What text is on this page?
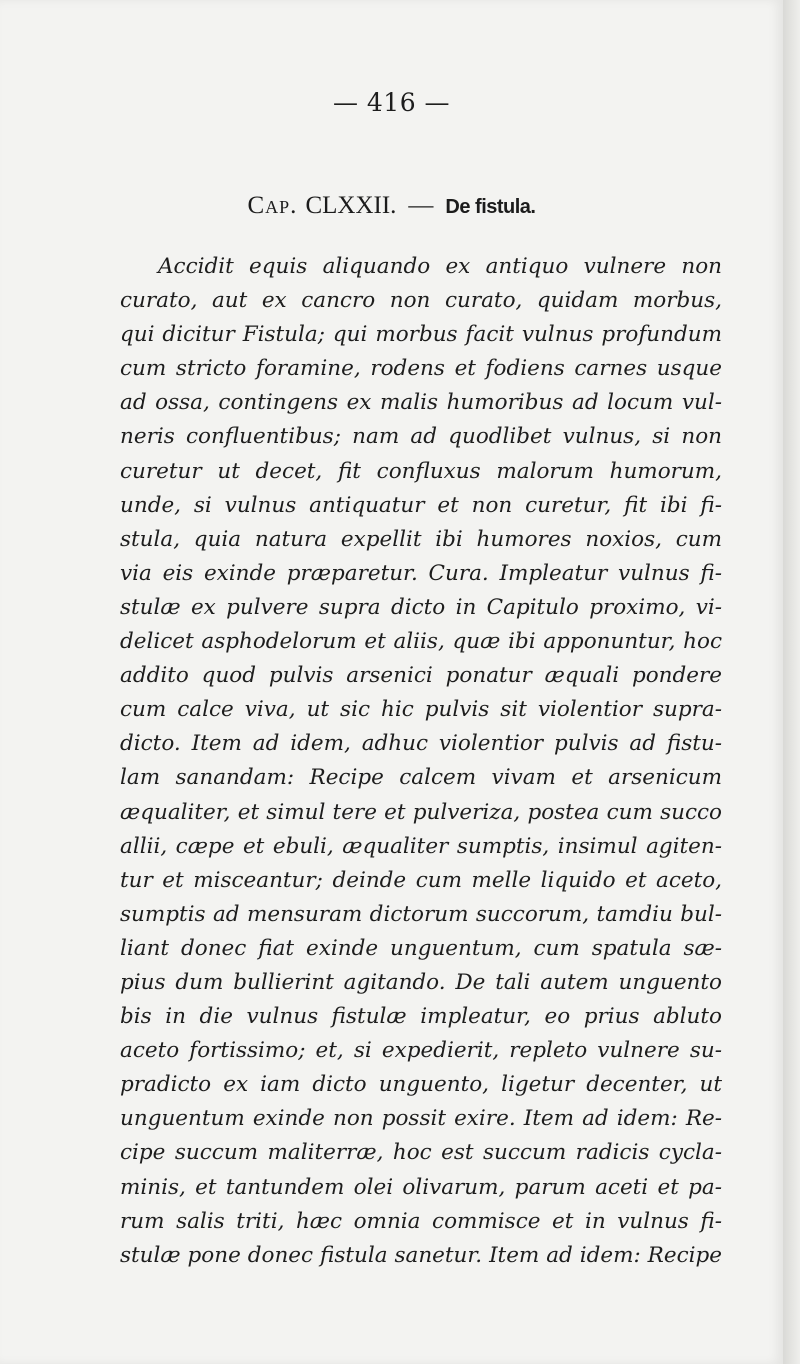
— 416 —
Cap. CLXXII. — De fistula.
Accidit equis aliquando ex antiquo vulnere non
curato, aut ex cancro non curato, quidam morbus,
qui dicitur Fistula; qui morbus facit vulnus profundum
cum stricto foramine, rodens et fodiens carnes usque
ad ossa, contingens ex malis humoribus ad locum vul-
neris confluentibus; nam ad quodlibet vulnus, si non
curetur ut decet, fit confluxus malorum humorum,
unde, si vulnus antiquatur et non curetur, fit ibi fi-
stula, quia natura expellit ibi humores noxios, cum
via eis exinde præparetur. Cura. Impleatur vulnus fi-
stulæ ex pulvere supra dicto in Capitulo proximo, vi-
delicet asphodelorum et aliis, quæ ibi apponuntur, hoc
addito quod pulvis arsenici ponatur æquali pondere
cum calce viva, ut sic hic pulvis sit violentior supra-
dicto. Item ad idem, adhuc violentior pulvis ad fistu-
lam sanandam: Recipe calcem vivam et arsenicum
æqualiter, et simul tere et pulveriza, postea cum succo
allii, cæpe et ebuli, æqualiter sumptis, insimul agiten-
tur et misceantur; deinde cum melle liquido et aceto,
sumptis ad mensuram dictorum succorum, tamdiu bul-
liant donec fiat exinde unguentum, cum spatula sæ-
pius dum bullierint agitando. De tali autem unguento
bis in die vulnus fistulæ impleatur, eo prius abluto
aceto fortissimo; et, si expedierit, repleto vulnere su-
pradicto ex iam dicto unguento, ligetur decenter, ut
unguentum exinde non possit exire. Item ad idem: Re-
cipe succum maliterræ, hoc est succum radicis cycla-
minis, et tantundem olei olivarum, parum aceti et pa-
rum salis triti, hæc omnia commisce et in vulnus fi-
stulæ pone donec fistula sanetur. Item ad idem: Recipe
